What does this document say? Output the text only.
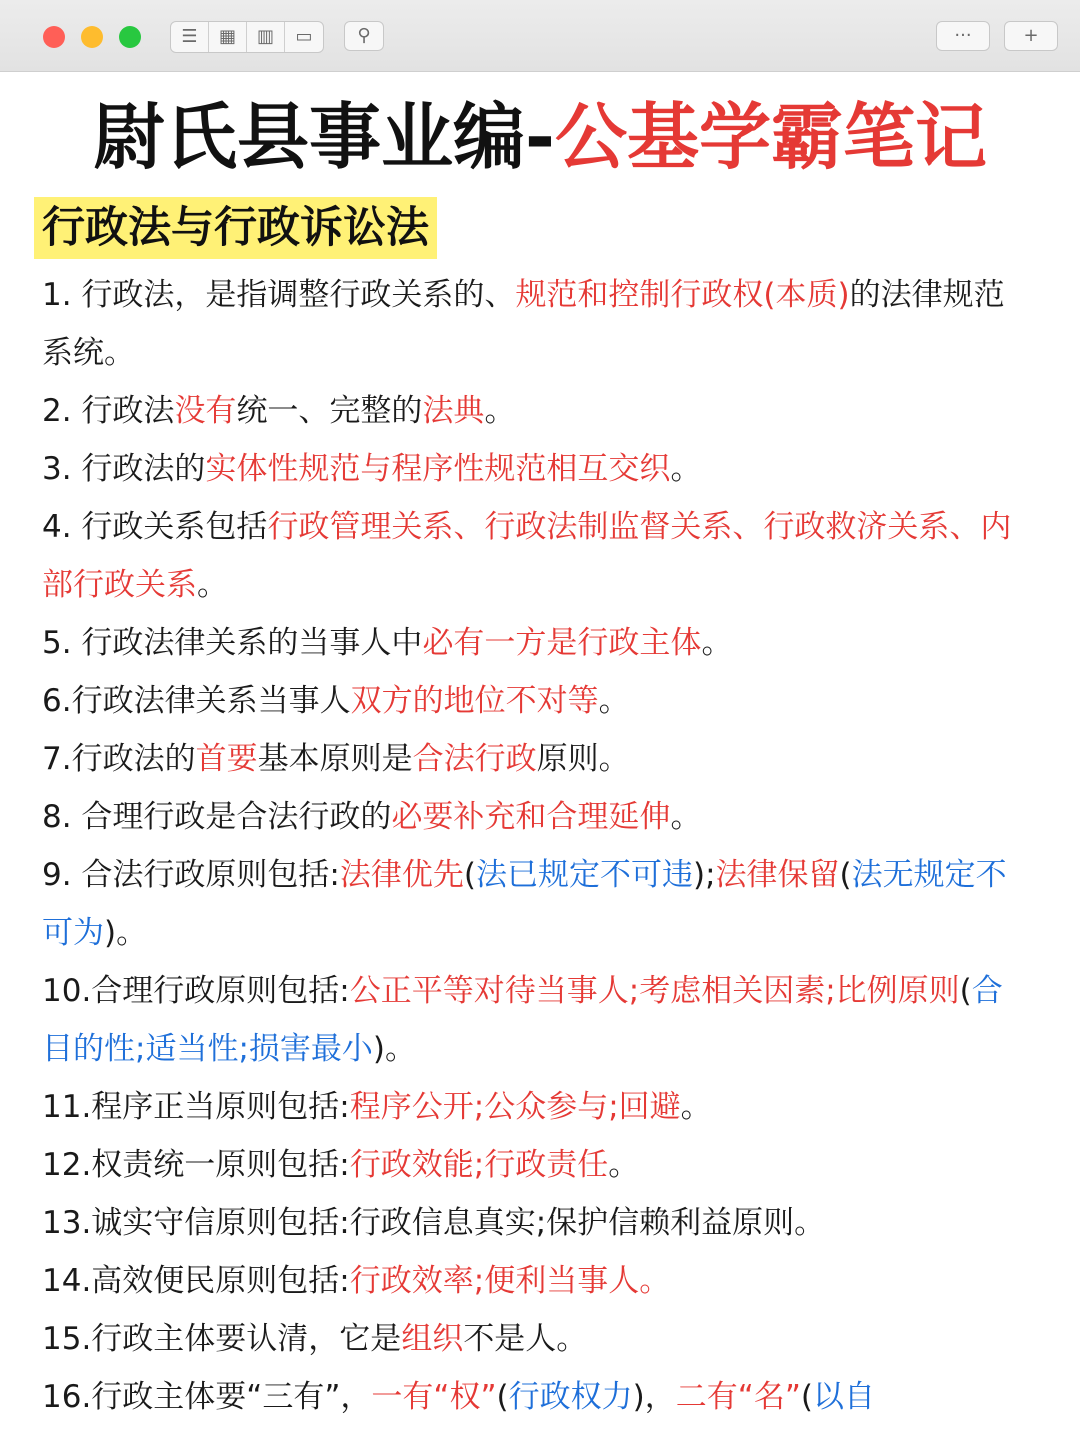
☰ ▦ ▥ ▭ ⚲	···	+
尉氏县事业编-公基学霸笔记
行政法与行政诉讼法
1. 行政法，是指调整行政关系的、规范和控制行政权(本质)的法律规范系统。
2. 行政法没有统一、完整的法典。
3. 行政法的实体性规范与程序性规范相互交织。
4. 行政关系包括行政管理关系、行政法制监督关系、行政救济关系、内部行政关系。
5. 行政法律关系的当事人中必有一方是行政主体。
6.行政法律关系当事人双方的地位不对等。
7.行政法的首要基本原则是合法行政原则。
8. 合理行政是合法行政的必要补充和合理延伸。
9. 合法行政原则包括:法律优先(法已规定不可违);法律保留(法无规定不可为)。
10.合理行政原则包括:公正平等对待当事人;考虑相关因素;比例原则(合目的性;适当性;损害最小)。
11.程序正当原则包括:程序公开;公众参与;回避。
12.权责统一原则包括:行政效能;行政责任。
13.诚实守信原则包括:行政信息真实;保护信赖利益原则。
14.高效便民原则包括:行政效率;便利当事人。
15.行政主体要认清，它是组织不是人。
16.行政主体要“三有”，一有“权”(行政权力)，二有“名”(以自
